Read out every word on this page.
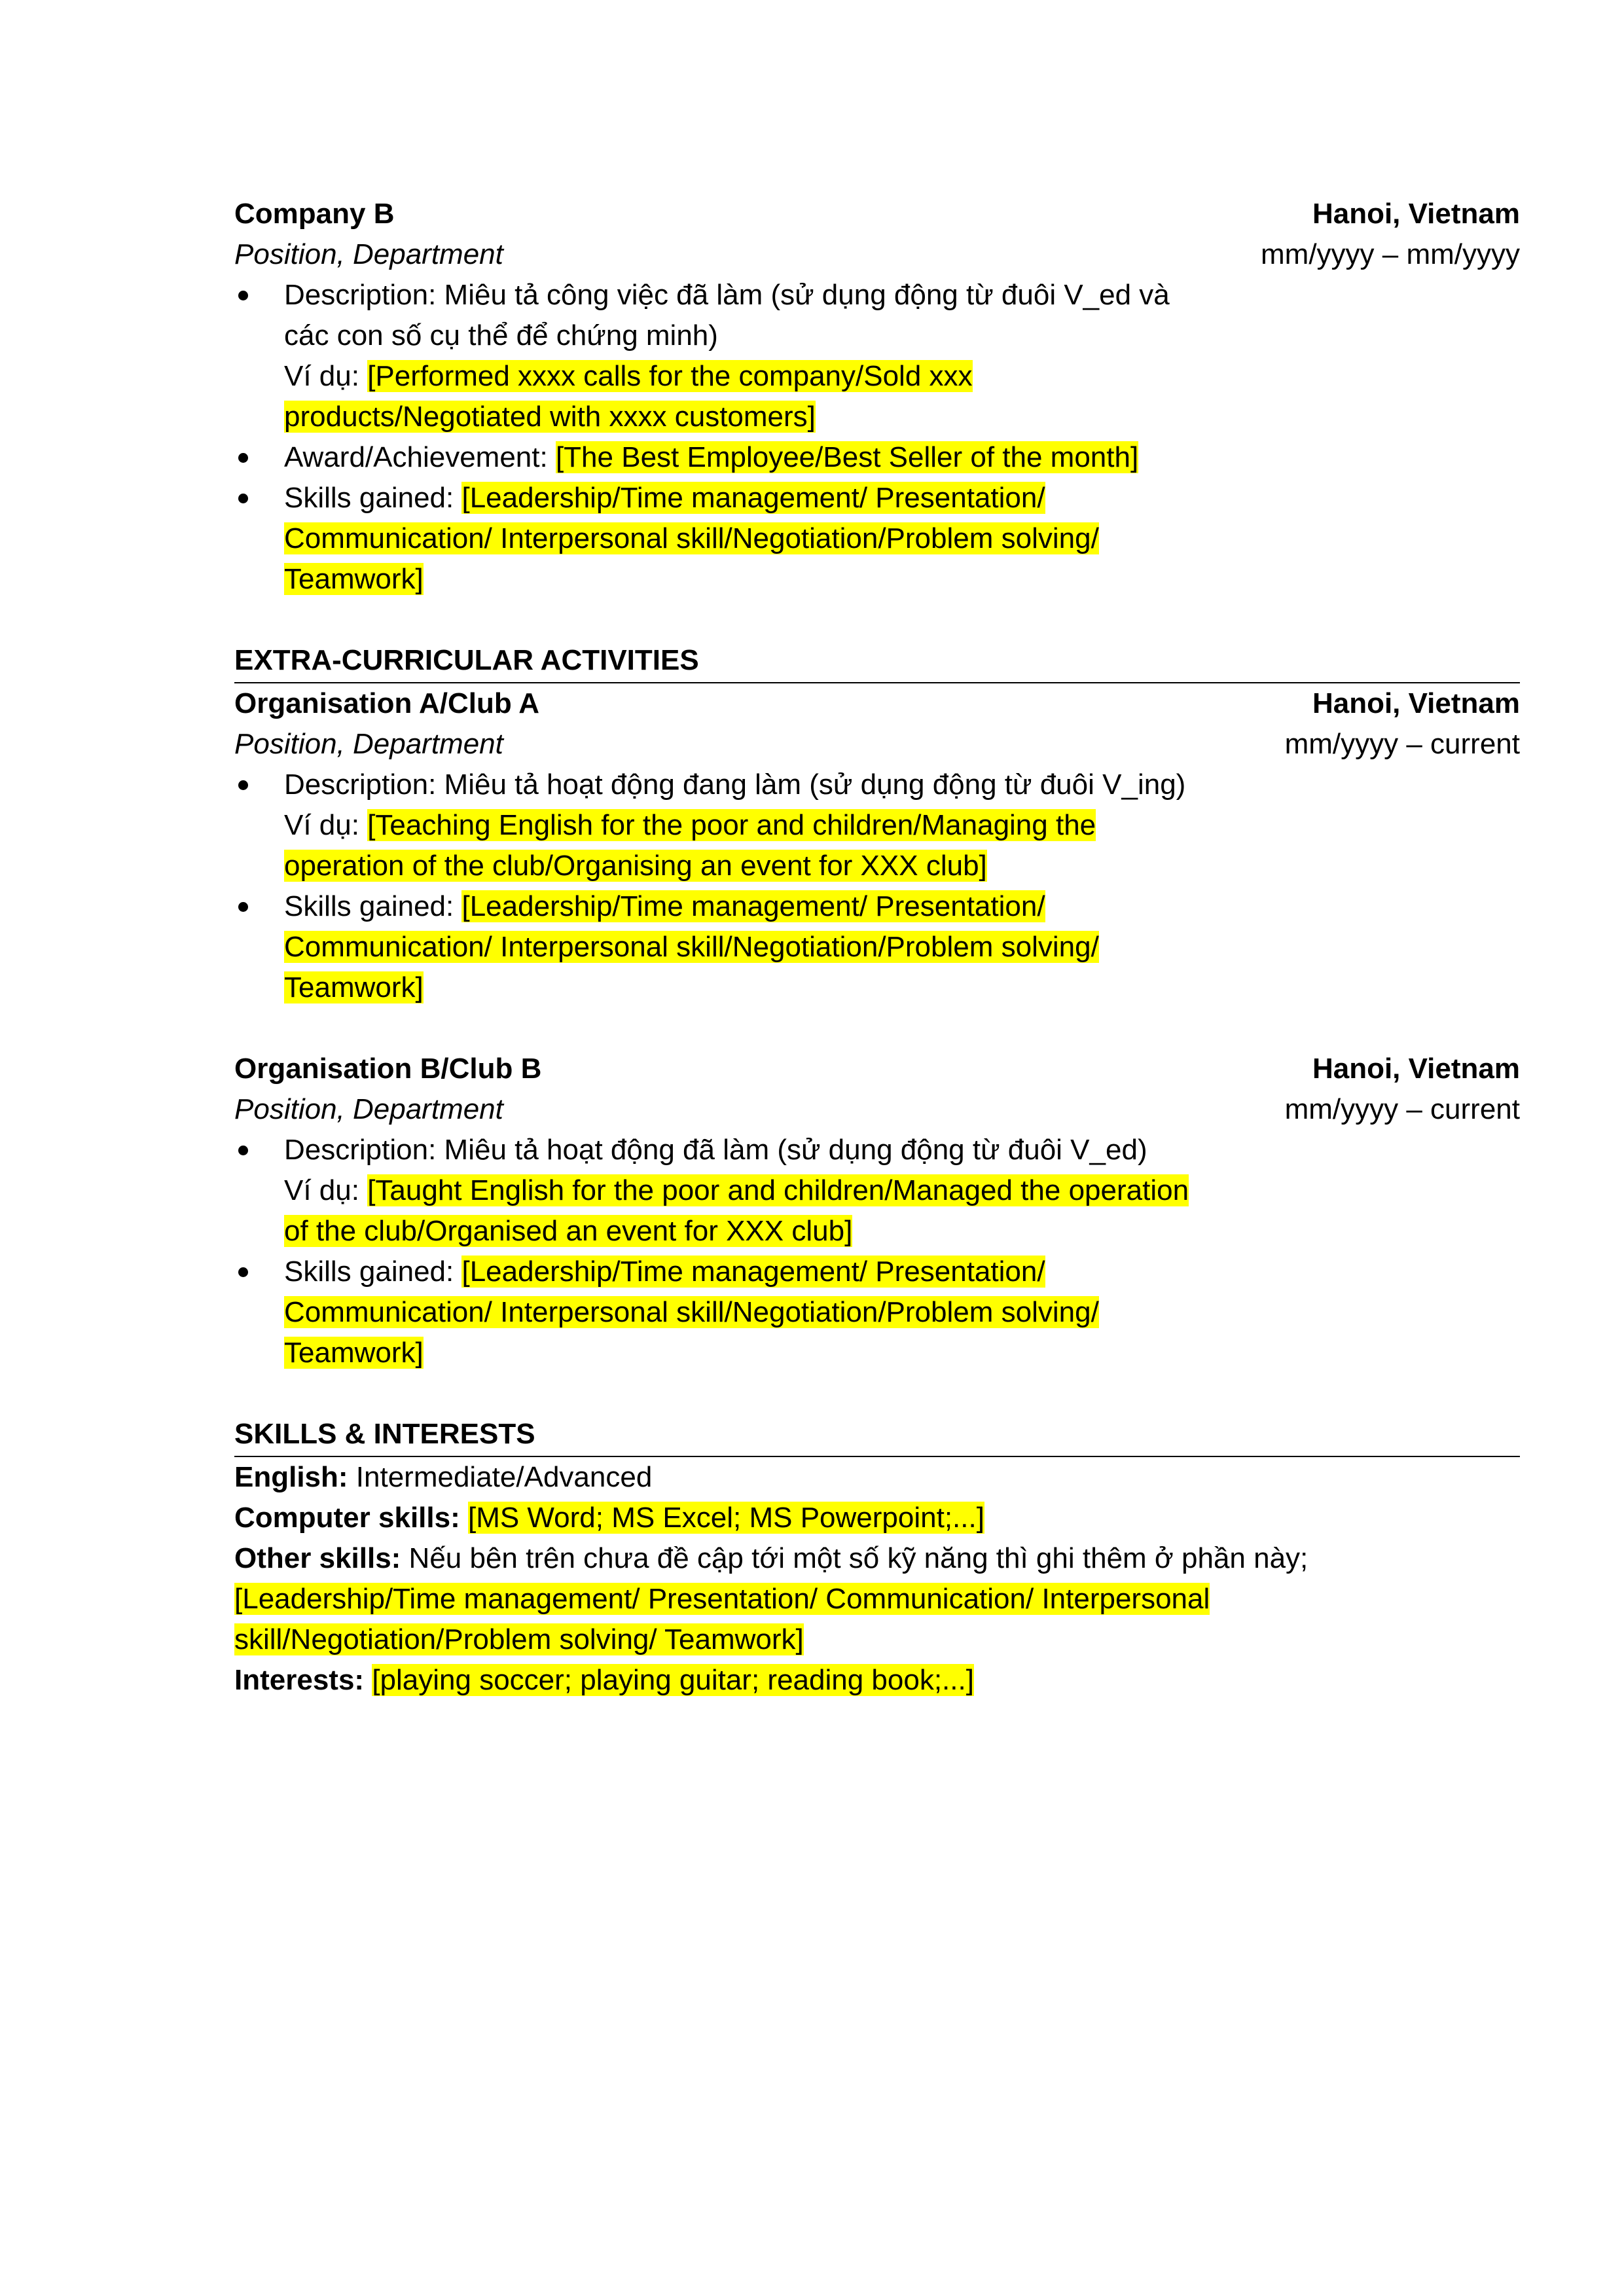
Company B
Position, Department
Hanoi, Vietnam
mm/yyyy – mm/yyyy
Description: Miêu tả công việc đã làm (sử dụng động từ đuôi V_ed và các con số cụ thể để chứng minh)
Ví dụ: [Performed xxxx calls for the company/Sold xxx products/Negotiated with xxxx customers]
Award/Achievement: [The Best Employee/Best Seller of the month]
Skills gained: [Leadership/Time management/ Presentation/ Communication/ Interpersonal skill/Negotiation/Problem solving/ Teamwork]
EXTRA-CURRICULAR ACTIVITIES
Organisation A/Club A
Position, Department
Hanoi, Vietnam
mm/yyyy – current
Description: Miêu tả hoạt động đang làm (sử dụng động từ đuôi V_ing)
Ví dụ: [Teaching English for the poor and children/Managing the operation of the club/Organising an event for XXX club]
Skills gained: [Leadership/Time management/ Presentation/ Communication/ Interpersonal skill/Negotiation/Problem solving/ Teamwork]
Organisation B/Club B
Position, Department
Hanoi, Vietnam
mm/yyyy – current
Description: Miêu tả hoạt động đã làm (sử dụng động từ đuôi V_ed)
Ví dụ: [Taught English for the poor and children/Managed the operation of the club/Organised an event for XXX club]
Skills gained: [Leadership/Time management/ Presentation/ Communication/ Interpersonal skill/Negotiation/Problem solving/ Teamwork]
SKILLS & INTERESTS
English: Intermediate/Advanced
Computer skills: [MS Word; MS Excel; MS Powerpoint;...]
Other skills: Nếu bên trên chưa đề cập tới một số kỹ năng thì ghi thêm ở phần này;
[Leadership/Time management/ Presentation/ Communication/ Interpersonal skill/Negotiation/Problem solving/ Teamwork]
Interests: [playing soccer; playing guitar; reading book;...]
